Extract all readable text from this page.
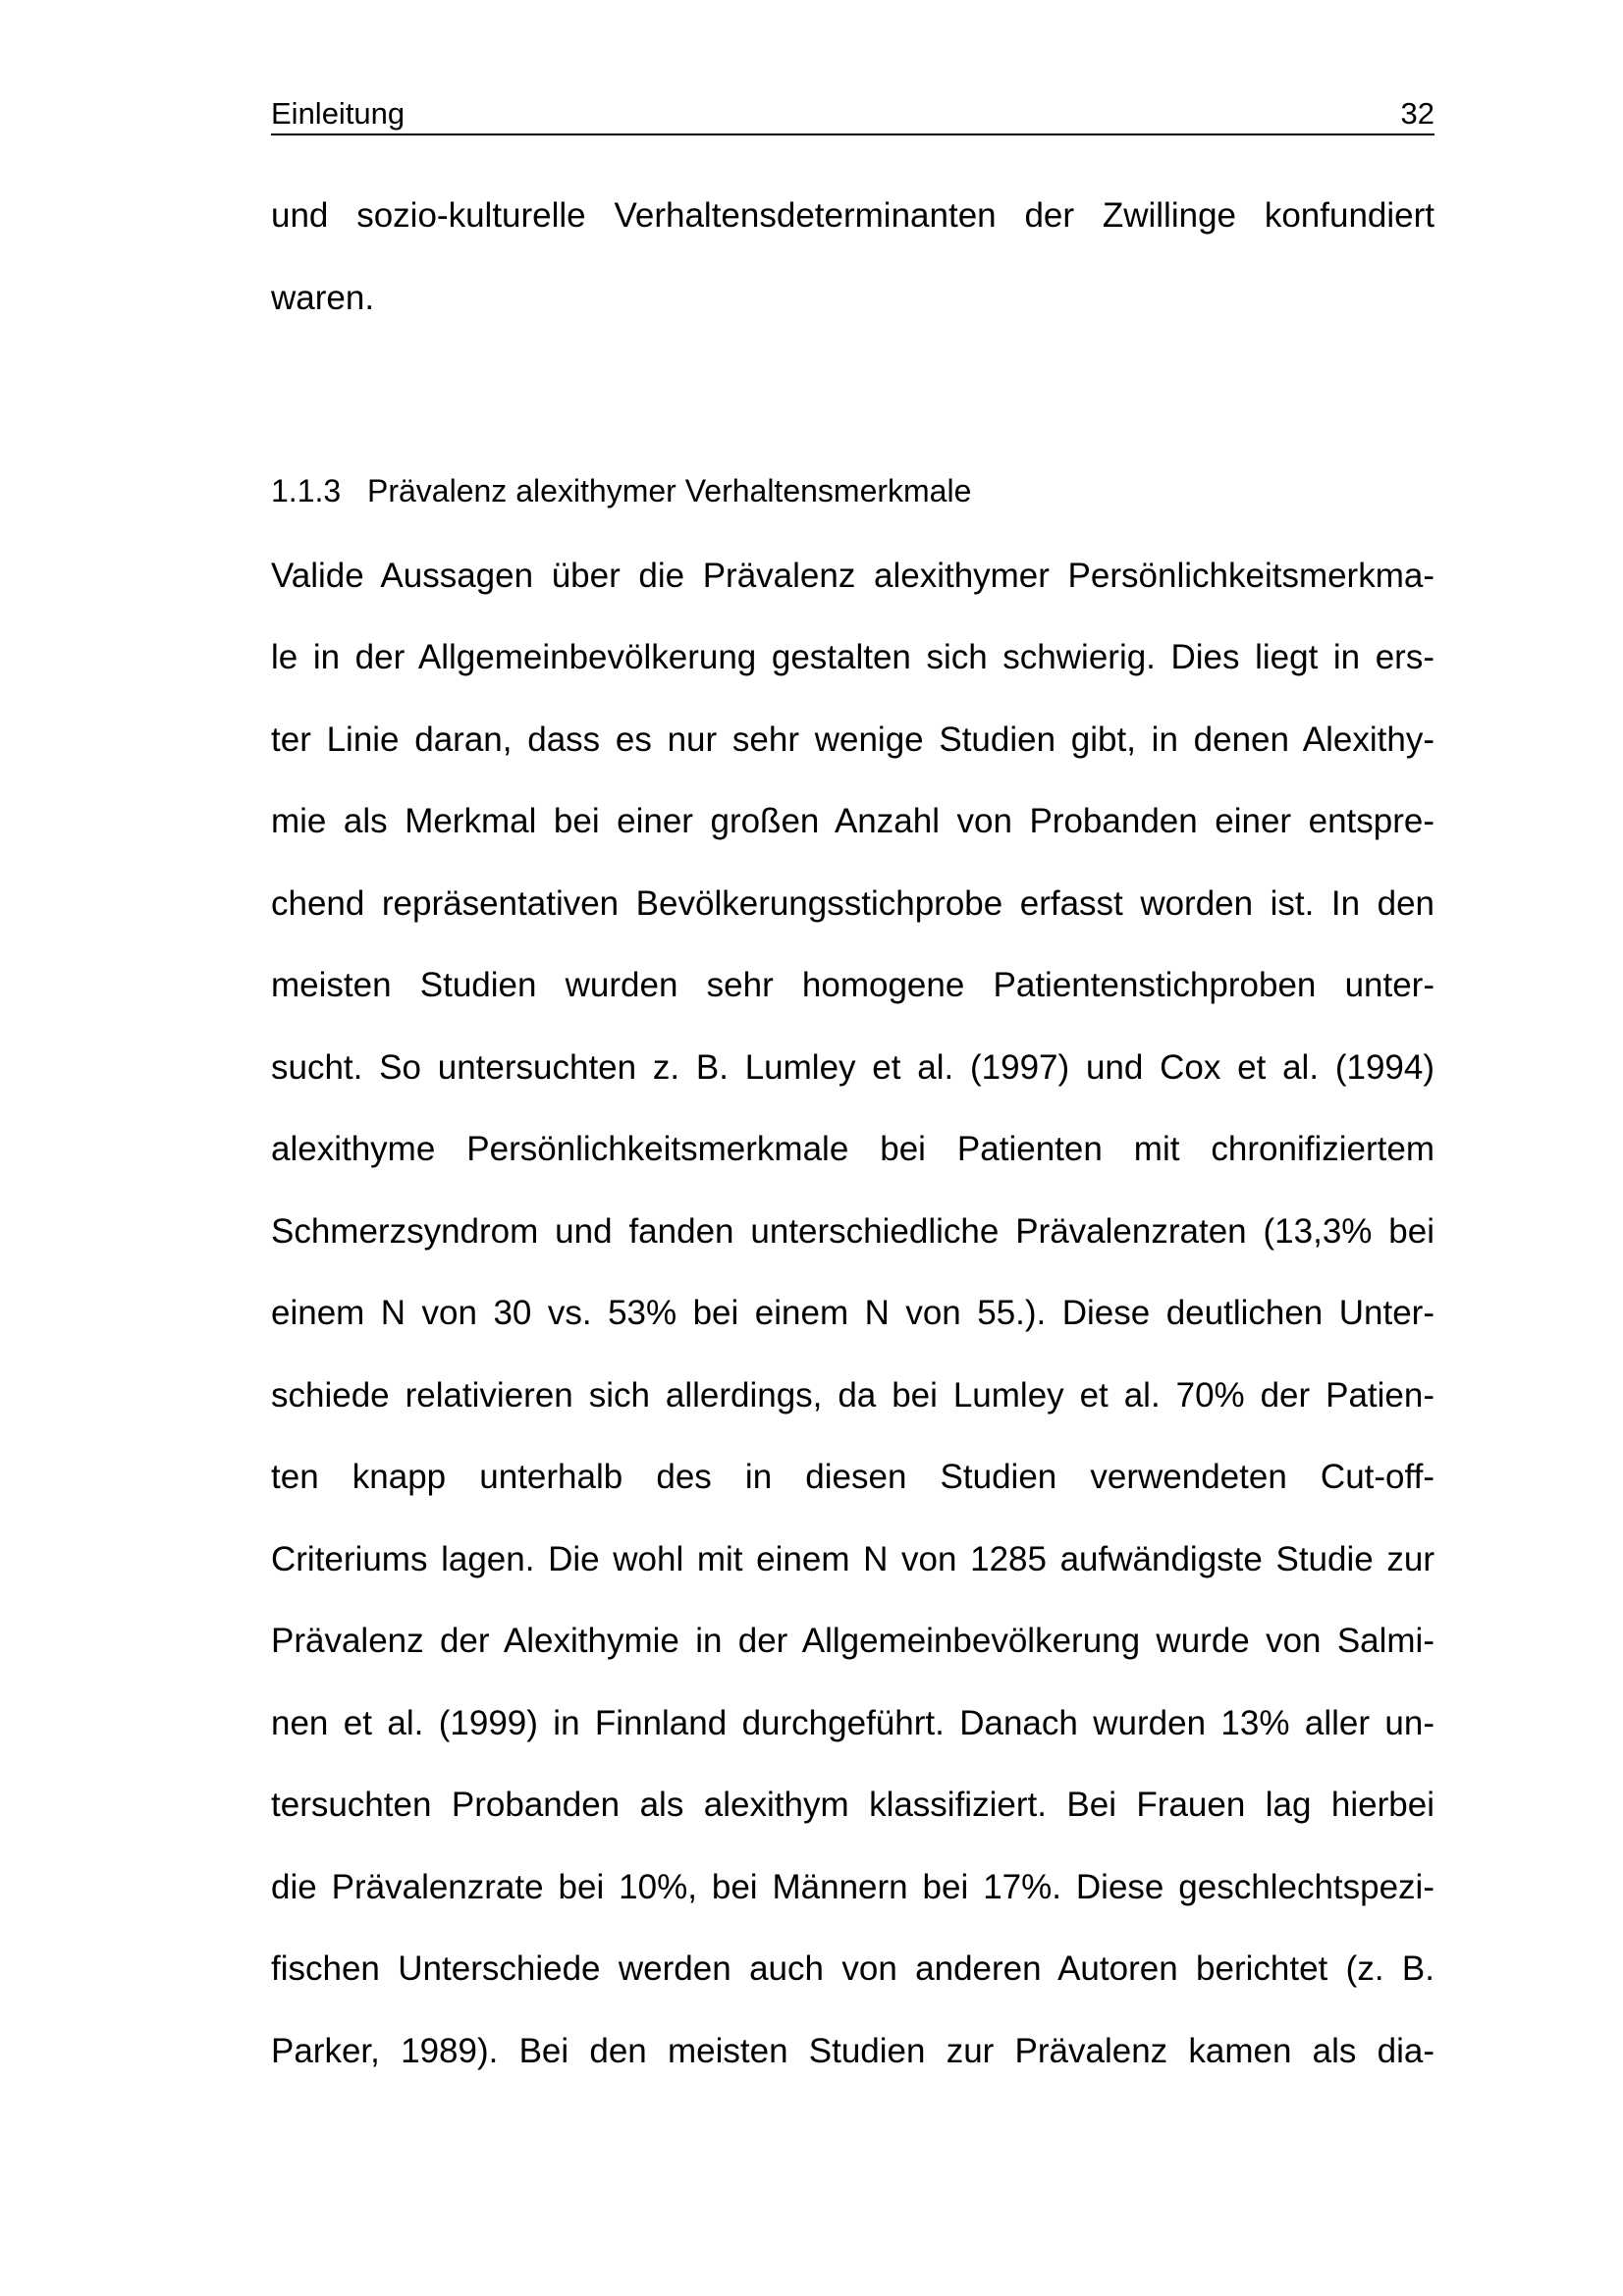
Einleitung	32
und sozio-kulturelle Verhaltensdeterminanten der Zwillinge konfundiert
waren.
1.1.3 Prävalenz alexithymer Verhaltensmerkmale
Valide Aussagen über die Prävalenz alexithymer Persönlichkeitsmerkma-
le in der Allgemeinbevölkerung gestalten sich schwierig. Dies liegt in ers-
ter Linie daran, dass es nur sehr wenige Studien gibt, in denen Alexithy-
mie als Merkmal bei einer großen Anzahl von Probanden einer entspre-
chend repräsentativen Bevölkerungsstichprobe erfasst worden ist. In den
meisten Studien wurden sehr homogene Patientenstichproben unter-
sucht. So untersuchten z. B. Lumley et al. (1997) und Cox et al. (1994)
alexithyme Persönlichkeitsmerkmale bei Patienten mit chronifiziertem
Schmerzsyndrom und fanden unterschiedliche Prävalenzraten (13,3% bei
einem N von 30 vs. 53% bei einem N von 55.). Diese deutlichen Unter-
schiede relativieren sich allerdings, da bei Lumley et al. 70% der Patien-
ten knapp unterhalb des in diesen Studien verwendeten Cut-off-
Criteriums lagen. Die wohl mit einem N von 1285 aufwändigste Studie zur
Prävalenz der Alexithymie in der Allgemeinbevölkerung wurde von Salmi-
nen et al. (1999) in Finnland durchgeführt. Danach wurden 13% aller un-
tersuchten Probanden als alexithym klassifiziert. Bei Frauen lag hierbei
die Prävalenzrate bei 10%, bei Männern bei 17%. Diese geschlechtspezi-
fischen Unterschiede werden auch von anderen Autoren berichtet (z. B.
Parker, 1989). Bei den meisten Studien zur Prävalenz kamen als dia-
